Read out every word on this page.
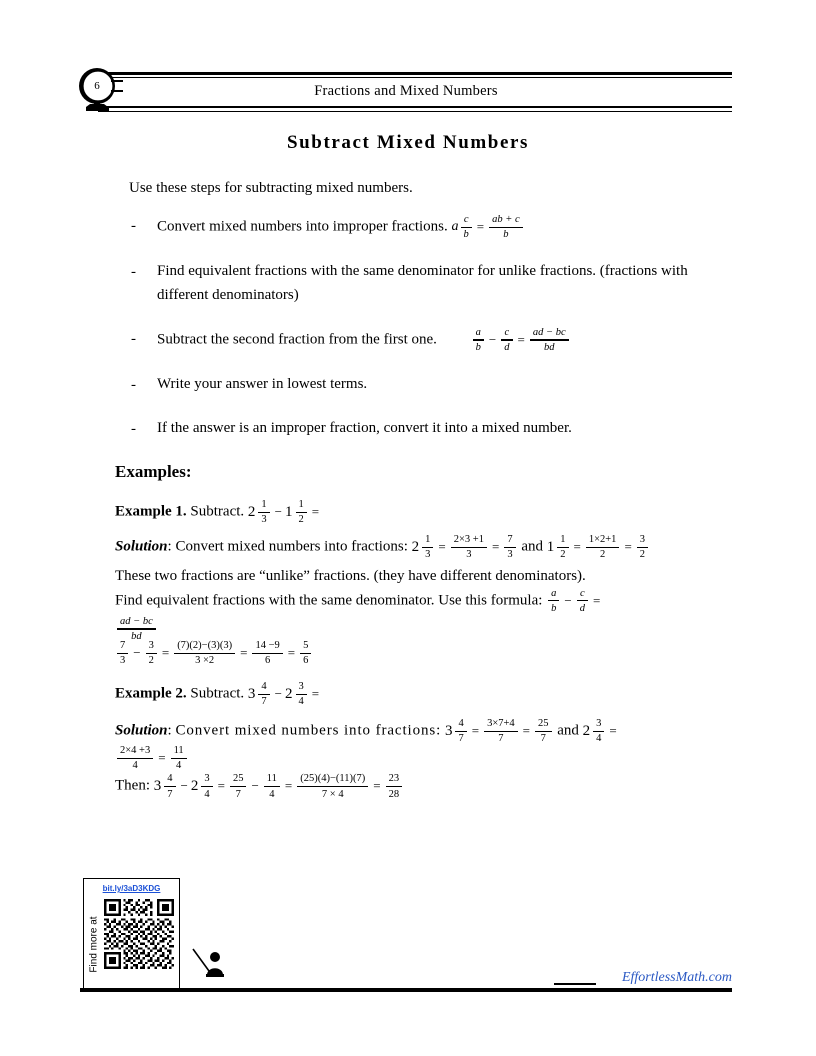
Fractions and Mixed Numbers
6
Subtract Mixed Numbers
Use these steps for subtracting mixed numbers.
-	Convert mixed numbers into improper fractions. a $\frac{c}{b} = \frac{ab + c}{b}$
-	Find equivalent fractions with the same denominator for unlike fractions. (fractions with different denominators)
-	Subtract the second fraction from the first one.	$\frac{a}{b} - \frac{c}{d} = \frac{ad - bc}{bd}$
-	Write your answer in lowest terms.
-	If the answer is an improper fraction, convert it into a mixed number.
Examples:
Example 1. Subtract. $2 \frac{1}{3} - 1 \frac{1}{2}$ =
Solution: Convert mixed numbers into fractions: $2 \frac{1}{3} = \frac{2\times 3 +1}{3} = \frac{7}{3}$ and $1 \frac{1}{2} = \frac{1\times 2+1}{2} = \frac{3}{2}$
These two fractions are “unlike” fractions. (they have different denominators).
Find equivalent fractions with the same denominator. Use this formula: $\frac{a}{b} - \frac{c}{d}$ =
$\frac{ad - bc}{bd}$
$\frac{7}{3} - \frac{3}{2} = \frac{(7)(2)-(3)(3)}{3 \times 2} = \frac{14 -9}{6} = \frac{5}{6}$
Example 2. Subtract. $3 \frac{4}{7} - 2 \frac{3}{4}$ =
Solution: Convert mixed numbers into fractions: $3 \frac{4}{7} = \frac{3\times 7+4}{7} = \frac{25}{7}$ and $2 \frac{3}{4}$ =
$\frac{2\times 4 +3}{4} = \frac{11}{4}$
Then: $3 \frac{4}{7} - 2 \frac{3}{4} = \frac{25}{7} - \frac{11}{4} = \frac{(25)(4)-(11)(7)}{7 \times 4} = \frac{23}{28}$
bit.ly/3aD3KDG
Find more at
EffortlessMath.com
